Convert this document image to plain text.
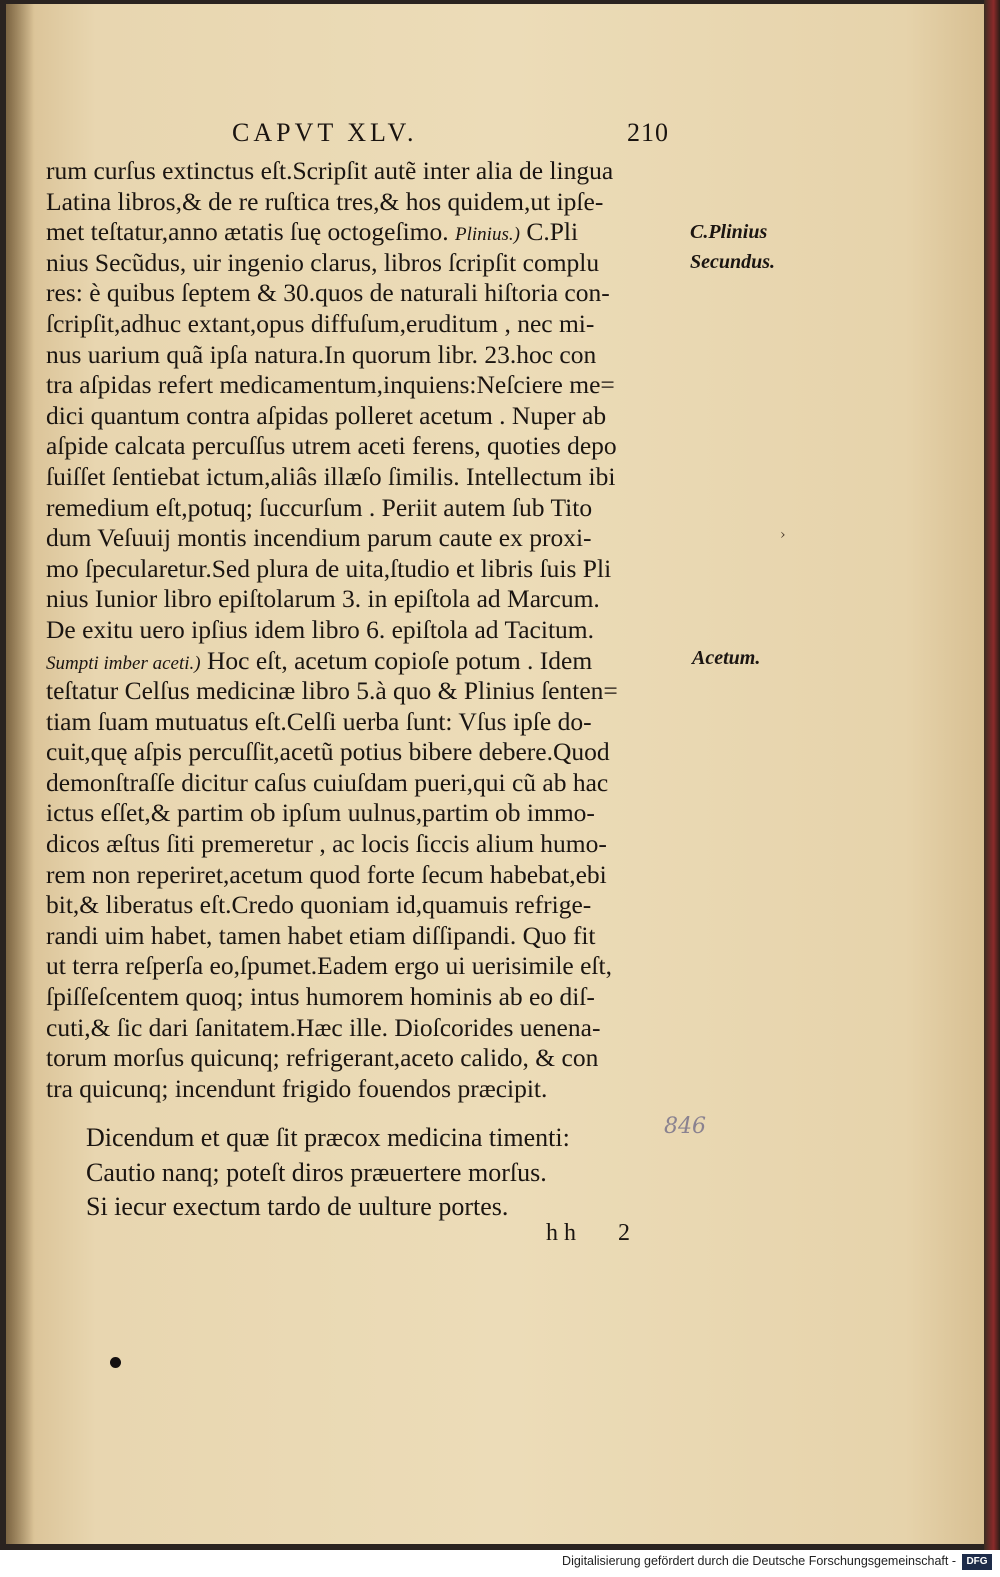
CAPVT XLV.	210
rum curſus extinctus eſt.Scripſit autẽ inter alia de lingua
Latina libros,& de re ruſtica tres,& hos quidem,ut ipſe-
met teſtatur,anno ætatis ſuę octogeſimo. Plinius.) C.Pli
nius Secũdus, uir ingenio clarus, libros ſcripſit complu
res: è quibus ſeptem & 30.quos de naturali hiſtoria con-
ſcripſit,adhuc extant,opus diffuſum,eruditum , nec mi-
nus uarium quã ipſa natura.In quorum libr. 23.hoc con
tra aſpidas refert medicamentum,inquiens:Neſciere me=
dici quantum contra aſpidas polleret acetum . Nuper ab
aſpide calcata percuſſus utrem aceti ferens, quoties depo
ſuiſſet ſentiebat ictum,aliâs illæſo ſimilis. Intellectum ibi
remedium eſt,potuq; ſuccurſum . Periit autem ſub Tito
dum Veſuuij montis incendium parum caute ex proxi-
mo ſpecularetur.Sed plura de uita,ſtudio et libris ſuis Pli
nius Iunior libro epiſtolarum 3. in epiſtola ad Marcum.
De exitu uero ipſius idem libro 6. epiſtola ad Tacitum.
Sumpti imber aceti.) Hoc eſt, acetum copioſe potum . Idem
teſtatur Celſus medicinæ libro 5.à quo & Plinius ſenten=
tiam ſuam mutuatus eſt.Celſi uerba ſunt: Vſus ipſe do-
cuit,quę aſpis percuſſit,acetũ potius bibere debere.Quod
demonſtraſſe dicitur caſus cuiuſdam pueri,qui cũ ab hac
ictus eſſet,& partim ob ipſum uulnus,partim ob immo-
dicos æſtus ſiti premeretur , ac locis ſiccis alium humo-
rem non reperiret,acetum quod forte ſecum habebat,ebi
bit,& liberatus eſt.Credo quoniam id,quamuis refrige-
randi uim habet, tamen habet etiam diſſipandi. Quo fit
ut terra reſperſa eo,ſpumet.Eadem ergo ui uerisimile eſt,
ſpiſſeſcentem quoq; intus humorem hominis ab eo diſ-
cuti,& ſic dari ſanitatem.Hæc ille. Dioſcorides uenena-
torum morſus quicunq; refrigerant,aceto calido, & con
tra quicunq; incendunt frigido fouendos præcipit.
C.Plinius
Secundus.
Acetum.
›
Dicendum et quæ ſit præcox medicina timenti:
Cautio nanq; poteſt diros præuertere morſus.
Si iecur exectum tardo de uulture portes.
846
hh 2
Digitalisierung gefördert durch die Deutsche Forschungsgemeinschaft -	DFG
